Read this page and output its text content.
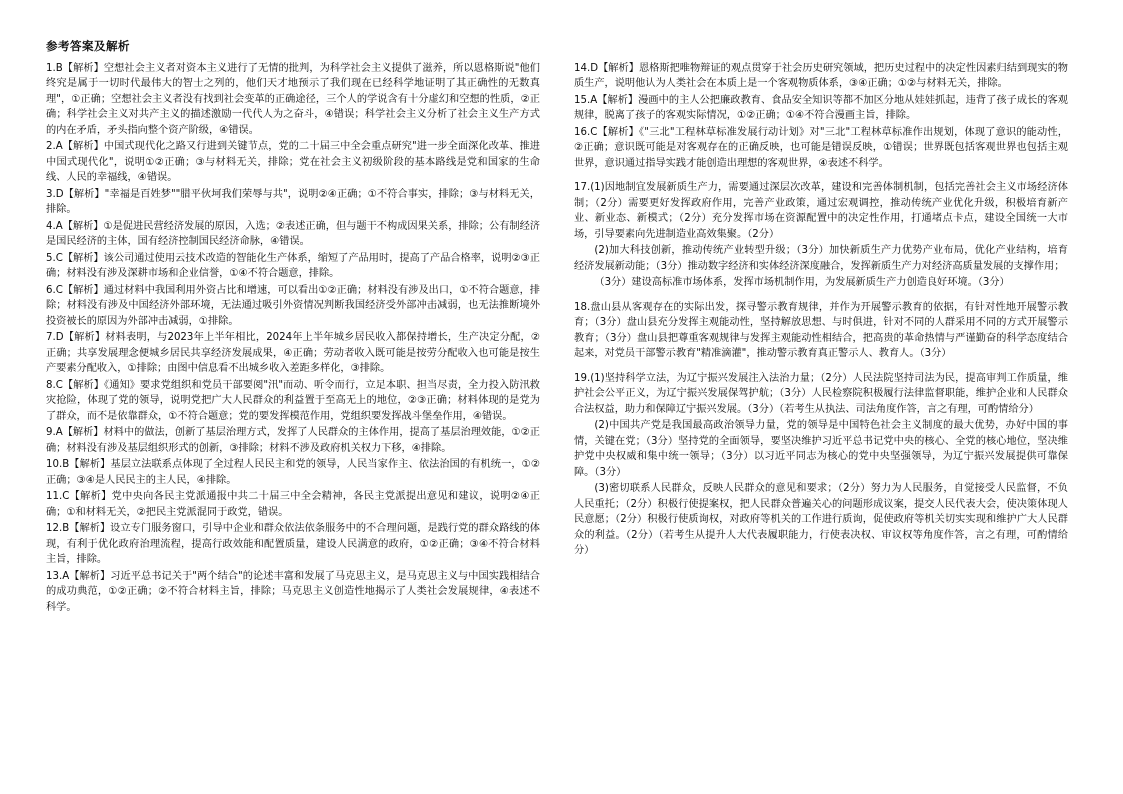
参考答案及解析

1.B【解析】空想社会主义者对资本主义进行了无情的批判，为科学社会主义提供了滋养，所以恩格斯说"他们终究是属于一切时代最伟大的智士之列的，他们天才地预示了我们现在已经科学地证明了其正确性的无数真理"，①正确；空想社会主义者没有找到社会变革的正确途径，三个人的学说含有十分虚幻和空想的性质，②正确；科学社会主义对共产主义的描述激励一代代人为之奋斗，④错误；科学社会主义分析了社会主义生产方式的内在矛盾，矛头指向整个资产阶级，④错误。

2.A【解析】中国式现代化之路又行进到关键节点，党的二十届三中全会重点研究"进一步全面深化改革、推进中国式现代化"，说明①②正确；③与材料无关，排除；党在社会主义初级阶段的基本路线是党和国家的生命线、人民的幸福线，④错误。

3.D【解析】"幸福是百姓梦""腊平伙坷我们荣辱与共"，说明②④正确；①不符合事实，排除；③与材料无关，排除。

4.A【解析】①是促进民营经济发展的原因，入选；②表述正确，但与题干不构成因果关系，排除；公有制经济是国民经济的主体，国有经济控制国民经济命脉，④错误。

5.C【解析】该公司通过使用云技术改造的智能化生产体系，缩短了产品用时，提高了产品合格率，说明②③正确；材料没有涉及深耕市场和企业信誉，①④不符合题意，排除。

6.C【解析】通过材料中我国利用外资占比和增速，可以看出①②正确；材料没有涉及出口，①不符合题意，排除；材料没有涉及中国经济外部环境，无法通过吸引外资情况判断我国经济受外部冲击减弱，也无法推断境外投资被长的原因为外部冲击减弱，①排除。

7.D【解析】材料表明，与2023年上半年相比，2024年上半年城乡居民收入都保持增长，生产决定分配，②正确；共享发展理念便城乡居民共享经济发展成果，④正确；劳动者收入既可能是按劳分配收入也可能是按生产要素分配收入，①排除；由图中信息看不出城乡收入差距多样化，③排除。

8.C【解析】《通知》要求党组织和党员干部要阅"汛"而动、听令而行，立足本职、担当尽责，全力投入防汛救灾抢险，体现了党的领导，说明党把广大人民群众的利益置于至高无上的地位，②③正确；材料体现的是党为了群众，而不是依靠群众，①不符合题意；党的要发挥模范作用，党组织要发挥战斗堡垒作用，④错误。

9.A【解析】材料中的做法，创新了基层治理方式，发挥了人民群众的主体作用，提高了基层治理效能，①②正确；材料没有涉及基层组织形式的创新，③排除；材料不涉及政府机关权力下移，④排除。

10.B【解析】基层立法联系点体现了全过程人民民主和党的领导，人民当家作主、依法治国的有机统一，①②正确；③④是人民民主的主人民，④排除。

11.C【解析】党中央向各民主党派通报中共二十届三中全会精神，各民主党派提出意见和建议，说明②④正确；①和材料无关，②把民主党派混同于政党，错误。

12.B【解析】设立专门服务窗口，引导中企业和群众依法依条服务中的不合理问题，是践行党的群众路线的体现，有利于优化政府治理流程，提高行政效能和配置质量，建设人民满意的政府，①②正确；③④不符合材料主旨，排除。

13.A【解析】习近平总书记关于"两个结合"的论述丰富和发展了马克思主义，是马克思主义与中国实践相结合的成功典范，①②正确；②不符合材料主旨，排除；马克思主义创造性地揭示了人类社会发展规律，④表述不科学。

14.D【解析】恩格斯把唯物辩证的观点贯穿于社会历史研究领域，把历史过程中的决定性因素归结到现实的物质生产，说明他认为人类社会在本质上是一个客观物质体系，③④正确；①②与材料无关，排除。

15.A【解析】漫画中的主人公把廉政教育、食品安全知识等都不加区分地从娃娃抓起，违背了孩子成长的客观规律，脱离了孩子的客观实际情况，①②正确；①④不符合漫画主旨，排除。

16.C【解析】《"三北"工程林草标准发展行动计划》对"三北"工程林草标准作出规划，体现了意识的能动性，②正确；意识既可能是对客观存在的正确反映，也可能是错误反映，①错误；世界既包括客观世界也包括主观世界，意识通过指导实践才能创造出理想的客观世界，④表述不科学。

17.(1)因地制宜发展新质生产力，需要通过深层次改革，建设和完善体制机制，包括完善社会主义市场经济体制；（2分）需要更好发挥政府作用，完善产业政策，通过宏观调控，推动传统产业优化升级，积极培育新产业、新业态、新模式；（2分）充分发挥市场在资源配置中的决定性作用，打通堵点卡点，建设全国统一大市场，引导要素向先进制造业高效集聚。（2分）

(2)加大科技创新，推动传统产业转型升级；（3分）加快新质生产力优势产业布局，优化产业结构，培育经济发展新动能；（3分）推动数字经济和实体经济深度融合，发挥新质生产力对经济高质量发展的支撑作用；

（3分）建设高标准市场体系，发挥市场机制作用，为发展新质生产力创造良好环境。（3分）

18.盘山县从客观存在的实际出发，探寻警示教育规律，并作为开展警示教育的依据，有针对性地开展警示教育；（3分）盘山县充分发挥主观能动性，坚持解放思想、与时俱进，针对不同的人群采用不同的方式开展警示教育；（3分）盘山县把尊重客观规律与发挥主观能动性相结合，把高贵的革命热情与严谨勤奋的科学态度结合起来，对党员干部警示教育"精准滴灌"，推动警示教育真正警示人、教育人。（3分）

19.(1)坚持科学立法，为辽宁振兴发展注入法治力量；（2分）人民法院坚持司法为民，提高审判工作质量，维护社会公平正义，为辽宁振兴发展保驾护航；（3分）人民检察院积极履行法律监督职能，维护企业和人民群众合法权益，助力和保障辽宁振兴发展。（3分）（若考生从执法、司法角度作答，言之有理，可酌情给分）

(2)中国共产党是我国最高政治领导力量，党的领导是中国特色社会主义制度的最大优势，办好中国的事情，关键在党；（3分）坚持党的全面领导，要坚决维护习近平总书记党中央的核心、全党的核心地位，坚决维护党中央权威和集中统一领导；（3分）以习近平同志为核心的党中央坚强领导，为辽宁振兴发展提供可靠保障。（3分）

(3)密切联系人民群众，反映人民群众的意见和要求；（2分）努力为人民服务，自觉接受人民监督，不负人民重托；（2分）积极行使提案权，把人民群众普遍关心的问题形成议案，提交人民代表大会，使决策体现人民意愿；（2分）积极行使质询权，对政府等机关的工作进行质询，促使政府等机关切实实现和维护广大人民群众的利益。（2分）（若考生从提升人大代表履职能力，行使表决权、审议权等角度作答，言之有理，可酌情给分）
